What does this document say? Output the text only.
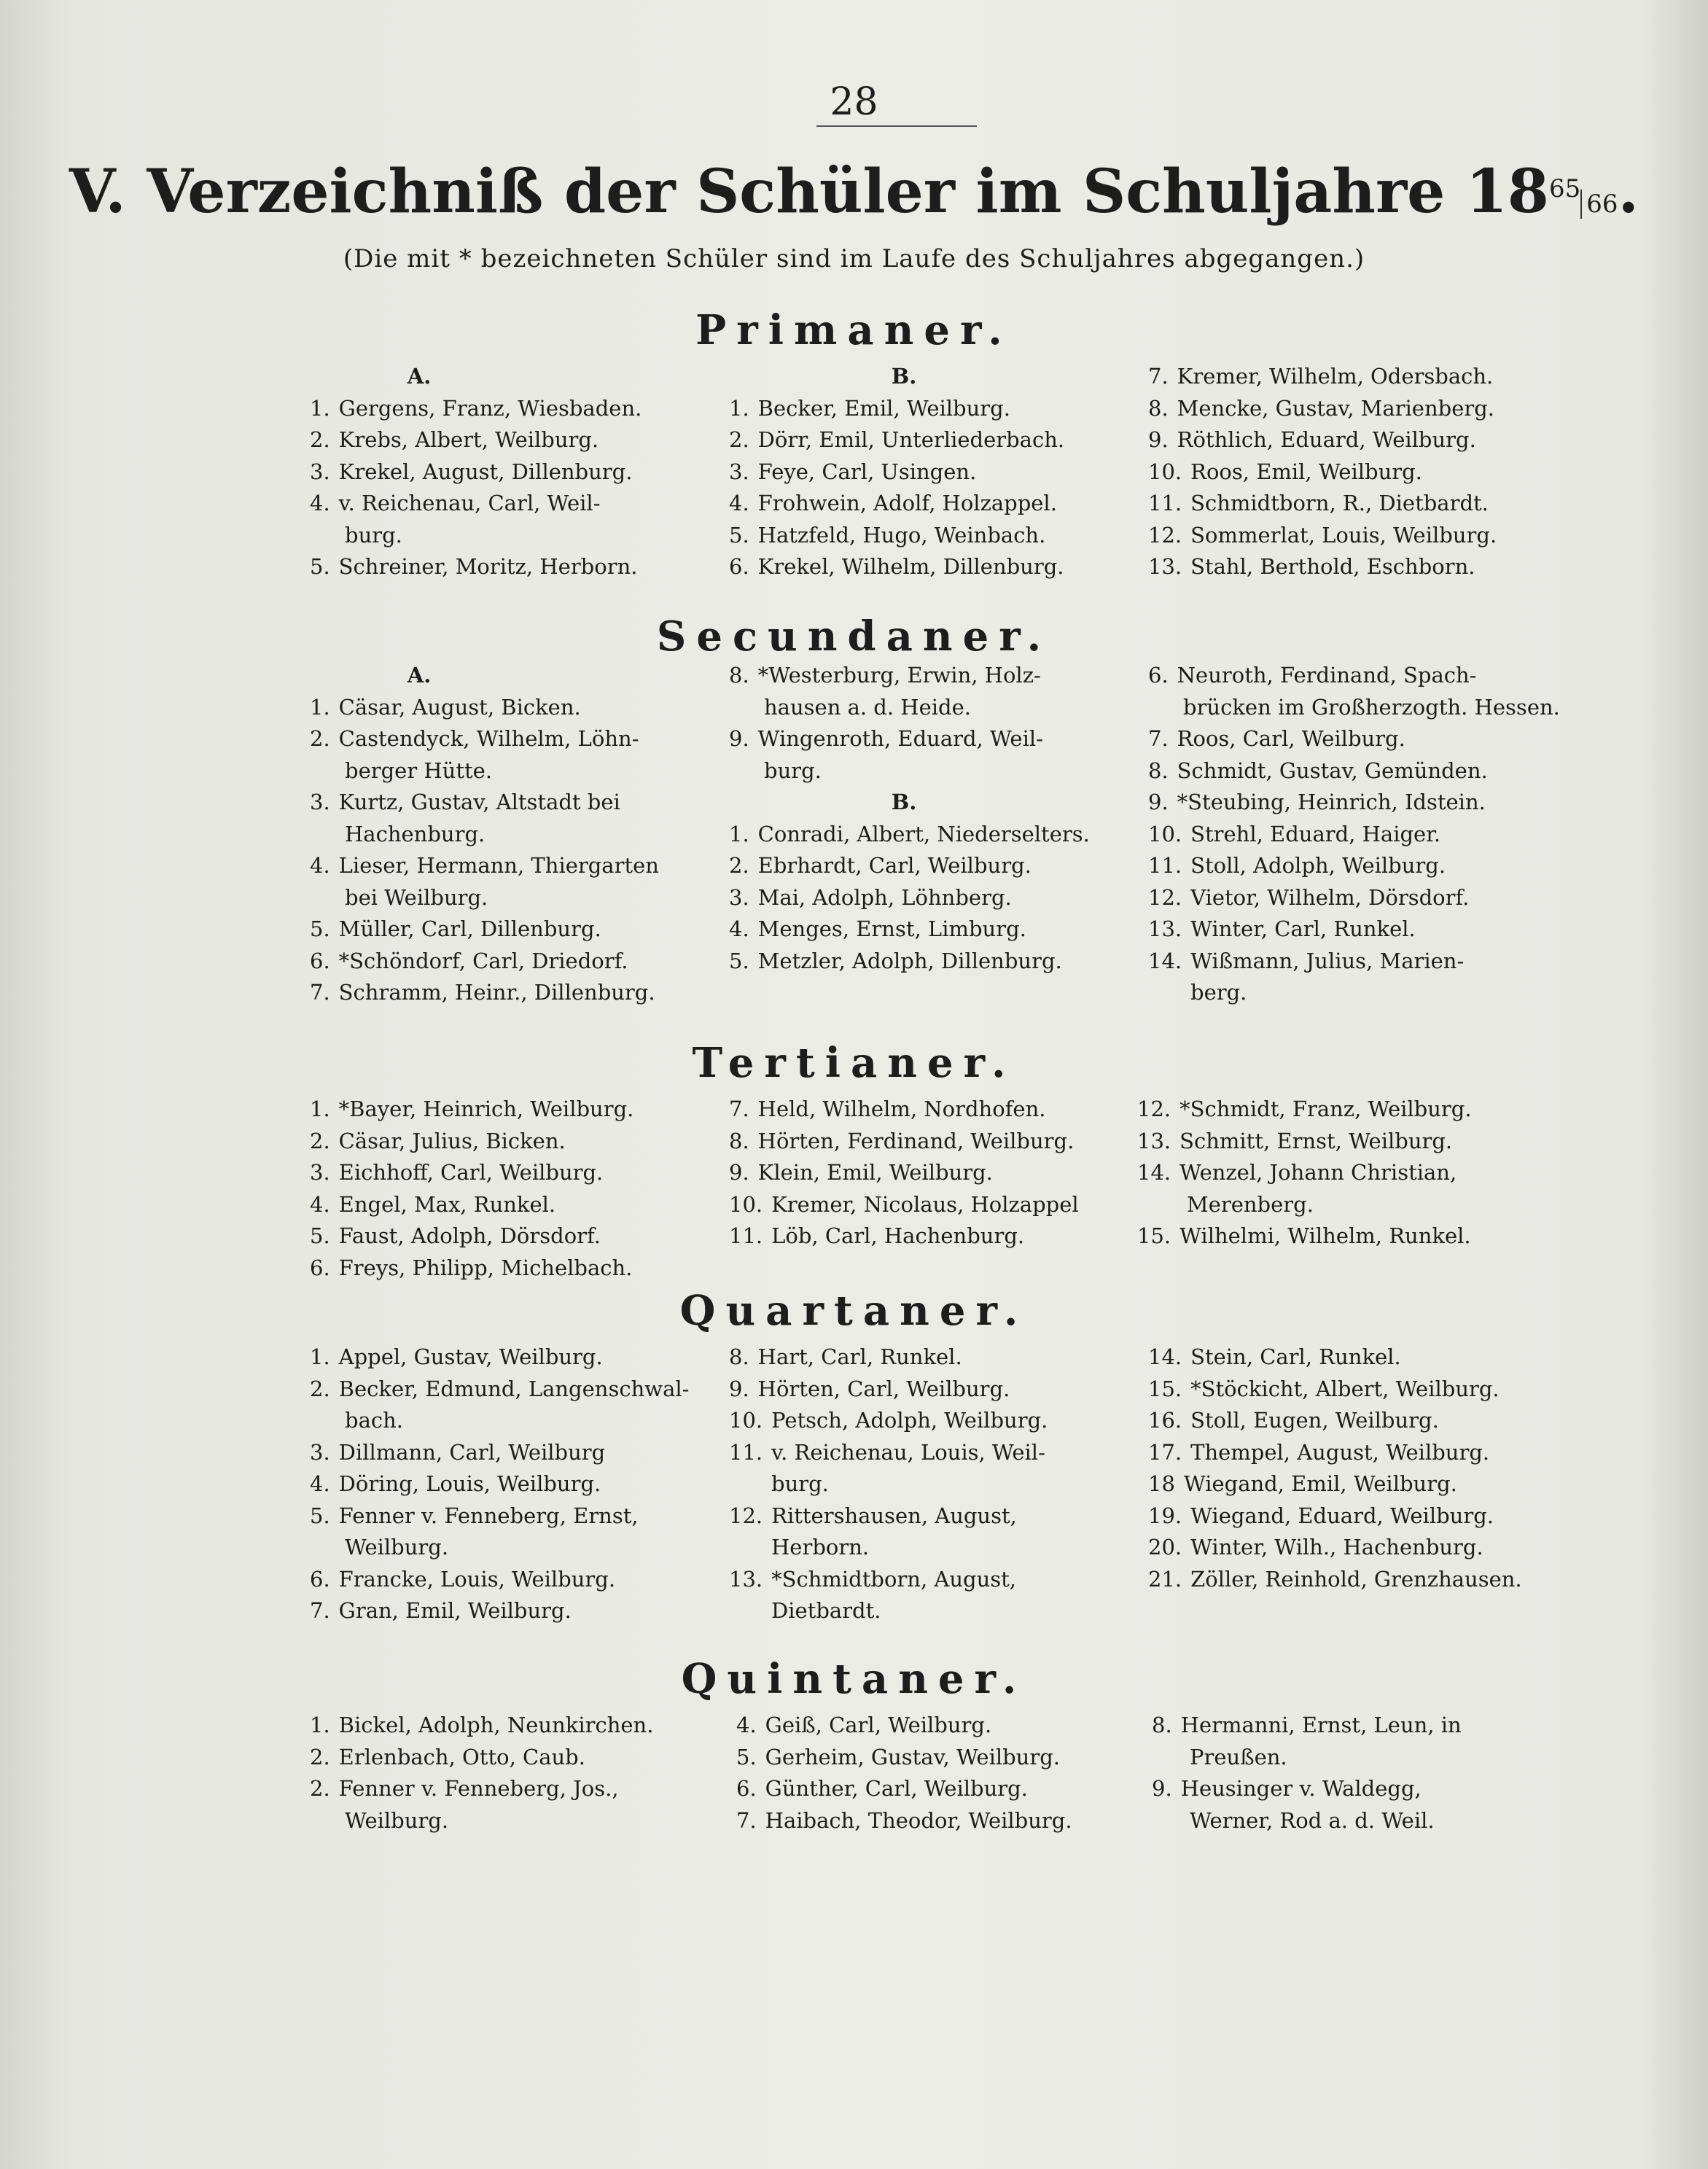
28
V. Verzeichniß der Schüler im Schuljahre $18^{65}66$.
(Die mit * bezeichneten Schüler sind im Laufe des Schuljahres abgegangen.)
Primaner.
A.
1. Gergens, Franz, Wiesbaden.
2. Krebs, Albert, Weilburg.
3. Krekel, August, Dillenburg.
4. v. Reichenau, Carl, Weil-
burg.
5. Schreiner, Moritz, Herborn.
B.
1. Becker, Emil, Weilburg.
2. Dörr, Emil, Unterliederbach.
3. Feye, Carl, Usingen.
4. Frohwein, Adolf, Holzappel.
5. Hatzfeld, Hugo, Weinbach.
6. Krekel, Wilhelm, Dillenburg.
7. Kremer, Wilhelm, Odersbach.
8. Mencke, Gustav, Marienberg.
9. Röthlich, Eduard, Weilburg.
10. Roos, Emil, Weilburg.
11. Schmidtborn, R., Dietbardt.
12. Sommerlat, Louis, Weilburg.
13. Stahl, Berthold, Eschborn.
Secundaner.
A.
1. Cäsar, August, Bicken.
2. Castendyck, Wilhelm, Löhn-
berger Hütte.
3. Kurtz, Gustav, Altstadt bei
Hachenburg.
4. Lieser, Hermann, Thiergarten
bei Weilburg.
5. Müller, Carl, Dillenburg.
6. *Schöndorf, Carl, Driedorf.
7. Schramm, Heinr., Dillenburg.
8. *Westerburg, Erwin, Holz-
hausen a. d. Heide.
9. Wingenroth, Eduard, Weil-
burg.
B.
1. Conradi, Albert, Niederselters.
2. Ebrhardt, Carl, Weilburg.
3. Mai, Adolph, Löhnberg.
4. Menges, Ernst, Limburg.
5. Metzler, Adolph, Dillenburg.
6. Neuroth, Ferdinand, Spach-
brücken im Großherzogth. Hessen.
7. Roos, Carl, Weilburg.
8. Schmidt, Gustav, Gemünden.
9. *Steubing, Heinrich, Idstein.
10. Strehl, Eduard, Haiger.
11. Stoll, Adolph, Weilburg.
12. Vietor, Wilhelm, Dörsdorf.
13. Winter, Carl, Runkel.
14. Wißmann, Julius, Marien-
berg.
Tertianer.
1. *Bayer, Heinrich, Weilburg.
2. Cäsar, Julius, Bicken.
3. Eichhoff, Carl, Weilburg.
4. Engel, Max, Runkel.
5. Faust, Adolph, Dörsdorf.
6. Freys, Philipp, Michelbach.
7. Held, Wilhelm, Nordhofen.
8. Hörten, Ferdinand, Weilburg.
9. Klein, Emil, Weilburg.
10. Kremer, Nicolaus, Holzappel
11. Löb, Carl, Hachenburg.
12. *Schmidt, Franz, Weilburg.
13. Schmitt, Ernst, Weilburg.
14. Wenzel, Johann Christian,
Merenberg.
15. Wilhelmi, Wilhelm, Runkel.
Quartaner.
1. Appel, Gustav, Weilburg.
2. Becker, Edmund, Langenschwal-
bach.
3. Dillmann, Carl, Weilburg
4. Döring, Louis, Weilburg.
5. Fenner v. Fenneberg, Ernst,
Weilburg.
6. Francke, Louis, Weilburg.
7. Gran, Emil, Weilburg.
8. Hart, Carl, Runkel.
9. Hörten, Carl, Weilburg.
10. Petsch, Adolph, Weilburg.
11. v. Reichenau, Louis, Weil-
burg.
12. Rittershausen, August,
Herborn.
13. *Schmidtborn, August,
Dietbardt.
14. Stein, Carl, Runkel.
15. *Stöckicht, Albert, Weilburg.
16. Stoll, Eugen, Weilburg.
17. Thempel, August, Weilburg.
18 Wiegand, Emil, Weilburg.
19. Wiegand, Eduard, Weilburg.
20. Winter, Wilh., Hachenburg.
21. Zöller, Reinhold, Grenzhausen.
Quintaner.
1. Bickel, Adolph, Neunkirchen.
2. Erlenbach, Otto, Caub.
2. Fenner v. Fenneberg, Jos.,
Weilburg.
4. Geiß, Carl, Weilburg.
5. Gerheim, Gustav, Weilburg.
6. Günther, Carl, Weilburg.
7. Haibach, Theodor, Weilburg.
8. Hermanni, Ernst, Leun, in
Preußen.
9. Heusinger v. Waldegg,
Werner, Rod a. d. Weil.
